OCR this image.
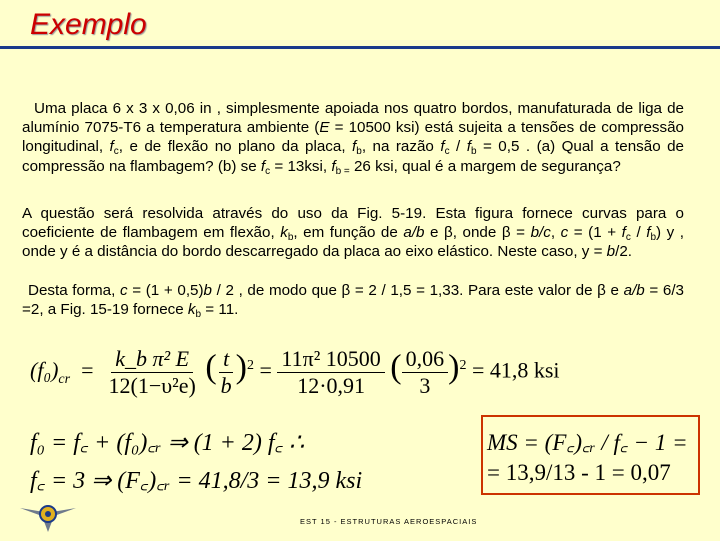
Exemplo
Uma placa 6 x 3 x 0,06 in , simplesmente apoiada nos quatro bordos, manufaturada de liga de alumínio 7075-T6 a temperatura ambiente (E = 10500 ksi) está sujeita a tensões de compressão longitudinal, $f_c$, e de flexão no plano da placa, $f_b$, na razão $f_c / f_b = 0,5$ . (a) Qual a tensão de compressão na flambagem? (b) se $f_c = 13ksi$, $f_{b =}$ 26 ksi, qual é a margem de segurança?
A questão será resolvida através do uso da Fig. 5-19. Esta figura fornece curvas para o coeficiente de flambagem em flexão, $k_b$, em função de a/b e β, onde β = b/c, $c = (1 + f_c / f_b)$ y , onde y é a distância do bordo descarregado da placa ao eixo elástico. Neste caso, y = b/2.
Desta forma, c = (1 + 0,5)b / 2 , de modo que β = 2 / 1,5 = 1,33. Para este valor de β e a/b = 6/3 =2, a Fig. 15-19 fornece $k_b = 11$.
$(f_0)_{cr} = \frac{\text{k\_b π² E}}{\text{12(1−υ²e)}}$ ( $\frac{t}{b} )^2 = \frac{\text{11π² 10500}}{12\cdot 0,91}$ ( $\frac{0,06}{3} )^2 = 41,8$ ksi
f₀ = f꜀ + (f₀)꜀ᵣ ⇒ (1 + 2) f꜀ ∴
f꜀ = 3 ⇒ (F꜀)꜀ᵣ = 41,8/3 = 13,9 ksi
MS = (F꜀)꜀ᵣ / f꜀ − 1 =
= 13,9/13 - 1 = 0,07
EST 15 - ESTRUTURAS AEROESPACIAIS
